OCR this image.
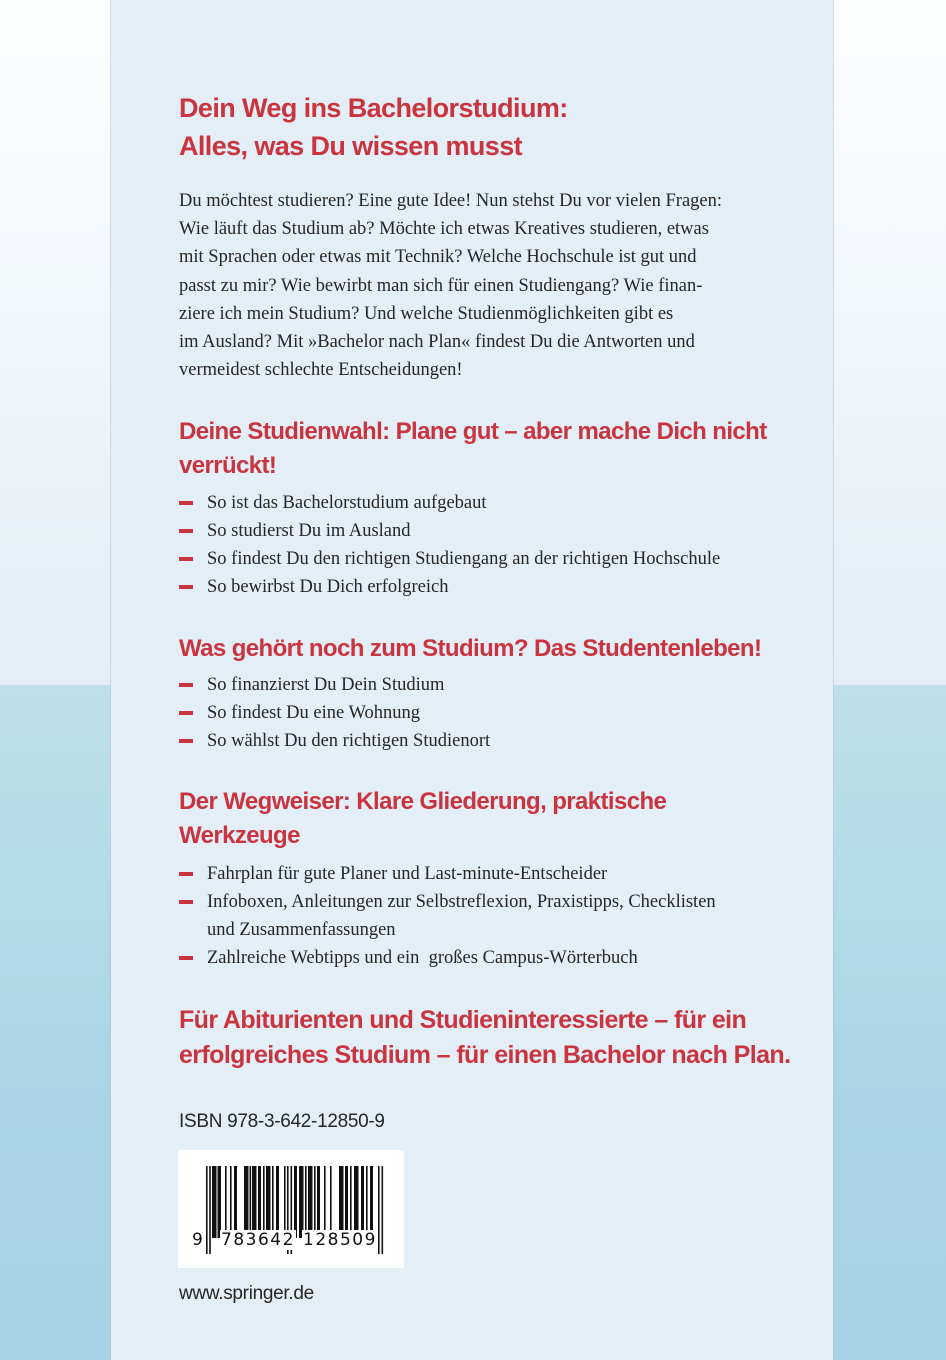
Dein Weg ins Bachelorstudium:
Alles, was Du wissen musst
Du möchtest studieren? Eine gute Idee! Nun stehst Du vor vielen Fragen:
Wie läuft das Studium ab? Möchte ich etwas Kreatives studieren, etwas
mit Sprachen oder etwas mit Technik? Welche Hochschule ist gut und
passt zu mir? Wie bewirbt man sich für einen Studiengang? Wie finan-
ziere ich mein Studium? Und welche Studienmöglichkeiten gibt es
im Ausland? Mit »Bachelor nach Plan« findest Du die Antworten und
vermeidest schlechte Entscheidungen!
Deine Studienwahl: Plane gut – aber mache Dich nicht
verrückt!
So ist das Bachelorstudium aufgebaut
So studierst Du im Ausland
So findest Du den richtigen Studiengang an der richtigen Hochschule
So bewirbst Du Dich erfolgreich
Was gehört noch zum Studium? Das Studentenleben!
So finanzierst Du Dein Studium
So findest Du eine Wohnung
So wählst Du den richtigen Studienort
Der Wegweiser: Klare Gliederung, praktische
Werkzeuge
Fahrplan für gute Planer und Last-minute-Entscheider
Infoboxen, Anleitungen zur Selbstreflexion, Praxistipps, Checklisten
und Zusammenfassungen
Zahlreiche Webtipps und ein  großes Campus-Wörterbuch
Für Abiturienten und Studieninteressierte – für ein
erfolgreiches Studium – für einen Bachelor nach Plan.
ISBN 978-3-642-12850-9
9 783642 128509
www.springer.de
